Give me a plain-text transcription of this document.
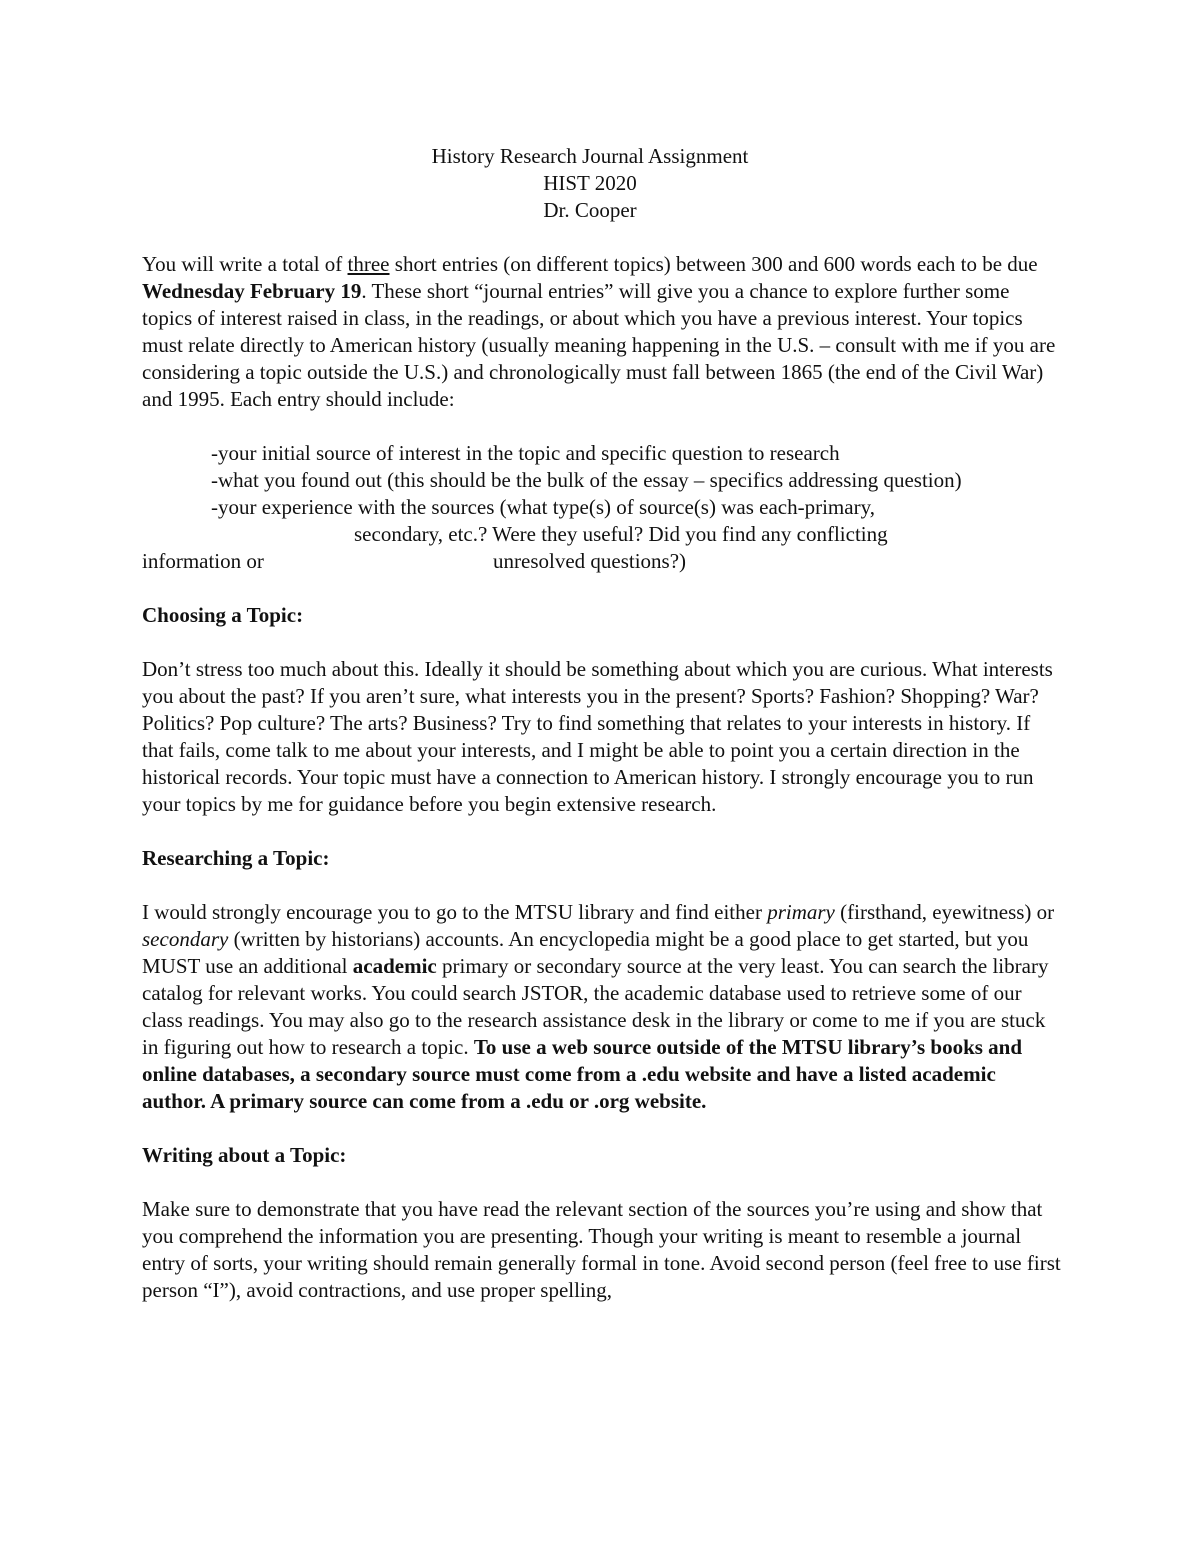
History Research Journal Assignment
HIST 2020
Dr. Cooper

You will write a total of three short entries (on different topics) between 300 and 600 words each to be due Wednesday February 19. These short “journal entries” will give you a chance to explore further some topics of interest raised in class, in the readings, or about which you have a previous interest. Your topics must relate directly to American history (usually meaning happening in the U.S. – consult with me if you are considering a topic outside the U.S.) and chronologically must fall between 1865 (the end of the Civil War) and 1995. Each entry should include:

-your initial source of interest in the topic and specific question to research
-what you found out (this should be the bulk of the essay – specifics addressing question)
-your experience with the sources (what type(s) of source(s) was each-primary,
secondary, etc.? Were they useful? Did you find any conflicting
information or	unresolved questions?)
Choosing a Topic:

Don’t stress too much about this. Ideally it should be something about which you are curious. What interests you about the past? If you aren’t sure, what interests you in the present? Sports? Fashion? Shopping? War? Politics? Pop culture? The arts? Business? Try to find something that relates to your interests in history. If that fails, come talk to me about your interests, and I might be able to point you a certain direction in the historical records. Your topic must have a connection to American history. I strongly encourage you to run your topics by me for guidance before you begin extensive research.

Researching a Topic:

I would strongly encourage you to go to the MTSU library and find either primary (firsthand, eyewitness) or secondary (written by historians) accounts. An encyclopedia might be a good place to get started, but you MUST use an additional academic primary or secondary source at the very least. You can search the library catalog for relevant works. You could search JSTOR, the academic database used to retrieve some of our class readings. You may also go to the research assistance desk in the library or come to me if you are stuck in figuring out how to research a topic. To use a web source outside of the MTSU library’s books and online databases, a secondary source must come from a .edu website and have a listed academic author. A primary source can come from a .edu or .org website.

Writing about a Topic:

Make sure to demonstrate that you have read the relevant section of the sources you’re using and show that you comprehend the information you are presenting. Though your writing is meant to resemble a journal entry of sorts, your writing should remain generally formal in tone. Avoid second person (feel free to use first person “I”), avoid contractions, and use proper spelling,
